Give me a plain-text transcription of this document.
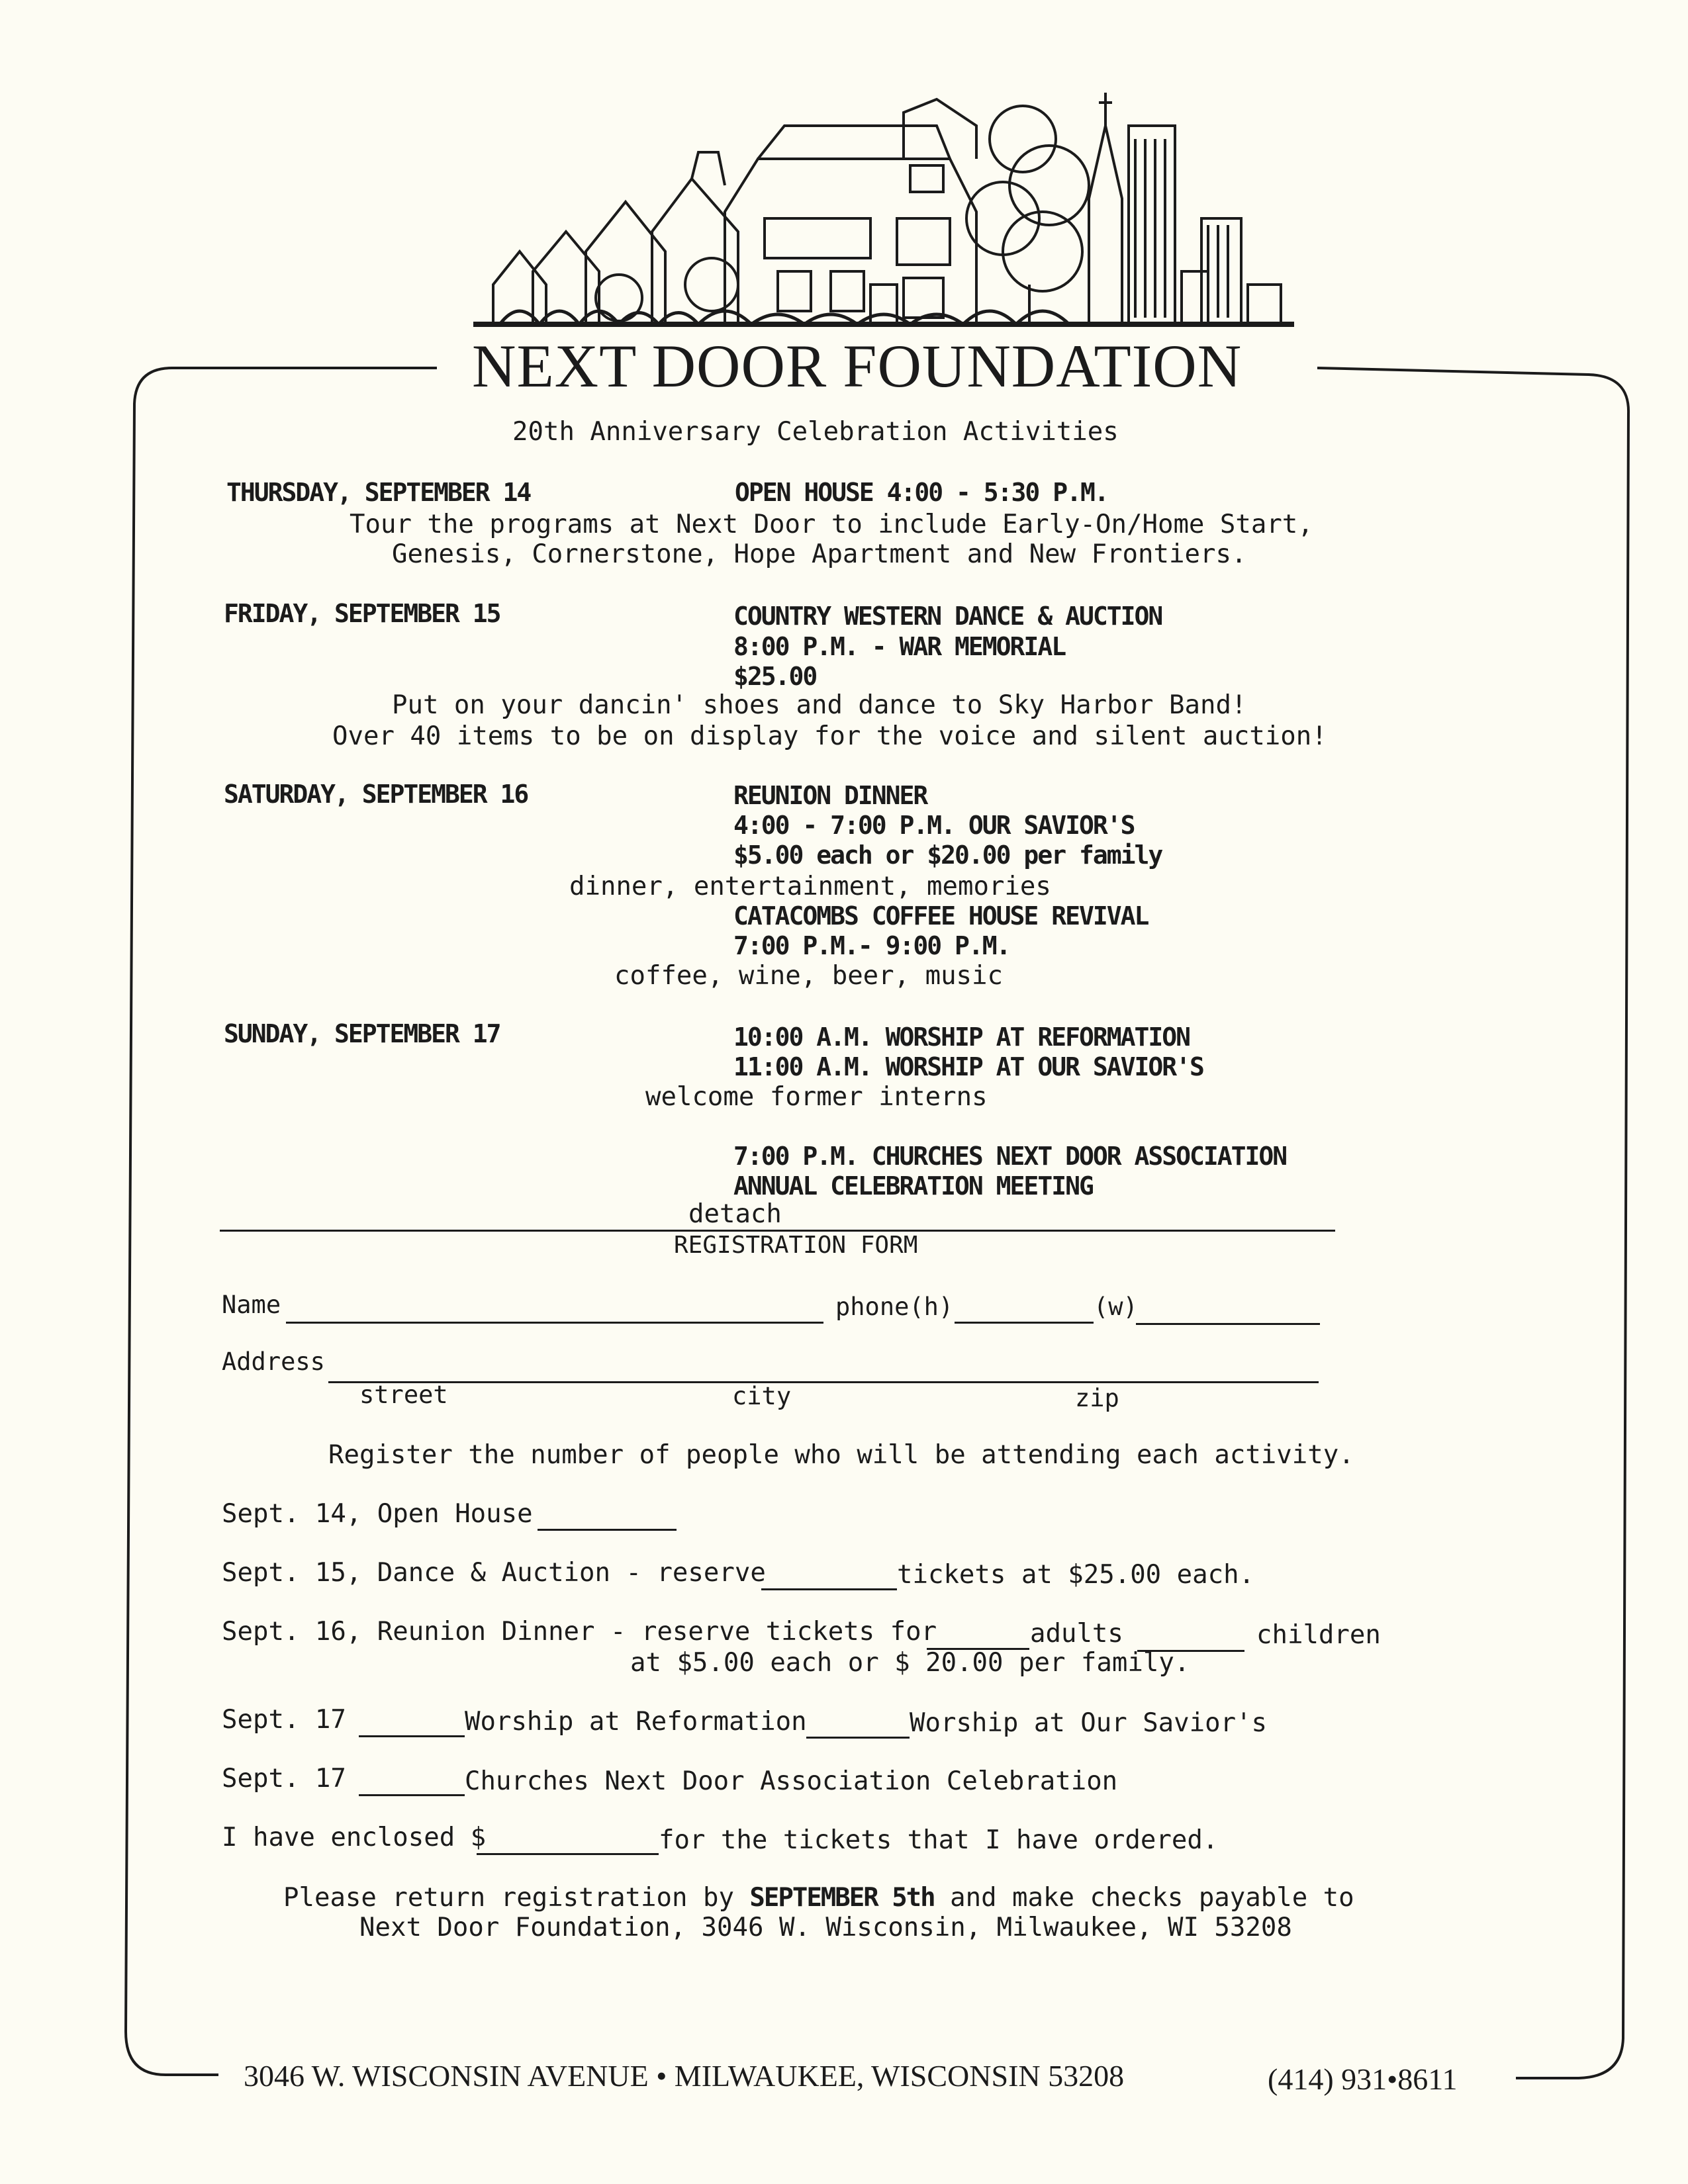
NEXT DOOR FOUNDATION
20th Anniversary Celebration Activities
THURSDAY, SEPTEMBER 14	OPEN HOUSE 4:00 - 5:30 P.M.
Tour the programs at Next Door to include Early-On/Home Start,
Genesis, Cornerstone, Hope Apartment and New Frontiers.
FRIDAY, SEPTEMBER 15	COUNTRY WESTERN DANCE & AUCTION
8:00 P.M. - WAR MEMORIAL
$25.00
Put on your dancin' shoes and dance to Sky Harbor Band!
Over 40 items to be on display for the voice and silent auction!
SATURDAY, SEPTEMBER 16	REUNION DINNER
4:00 - 7:00 P.M. OUR SAVIOR'S
$5.00 each or $20.00 per family
dinner, entertainment, memories
CATACOMBS COFFEE HOUSE REVIVAL
7:00 P.M.- 9:00 P.M.
coffee, wine, beer, music
SUNDAY, SEPTEMBER 17	10:00 A.M. WORSHIP AT REFORMATION
11:00 A.M. WORSHIP AT OUR SAVIOR'S
welcome former interns
7:00 P.M. CHURCHES NEXT DOOR ASSOCIATION
ANNUAL CELEBRATION MEETING
detach
REGISTRATION FORM
Name	phone(h)	(w)
Address
street	city	zip
Register the number of people who will be attending each activity.
Sept. 14, Open House
Sept. 15, Dance & Auction - reserve	tickets at $25.00 each.
Sept. 16, Reunion Dinner - reserve tickets for	adults	children
at $5.00 each or $ 20.00 per family.
Sept. 17	Worship at Reformation	Worship at Our Savior's
Sept. 17	Churches Next Door Association Celebration
I have enclosed $	for the tickets that I have ordered.
Please return registration by SEPTEMBER 5th and make checks payable to
Next Door Foundation, 3046 W. Wisconsin, Milwaukee, WI 53208
3046 W. WISCONSIN AVENUE • MILWAUKEE, WISCONSIN 53208	(414) 931•8611
